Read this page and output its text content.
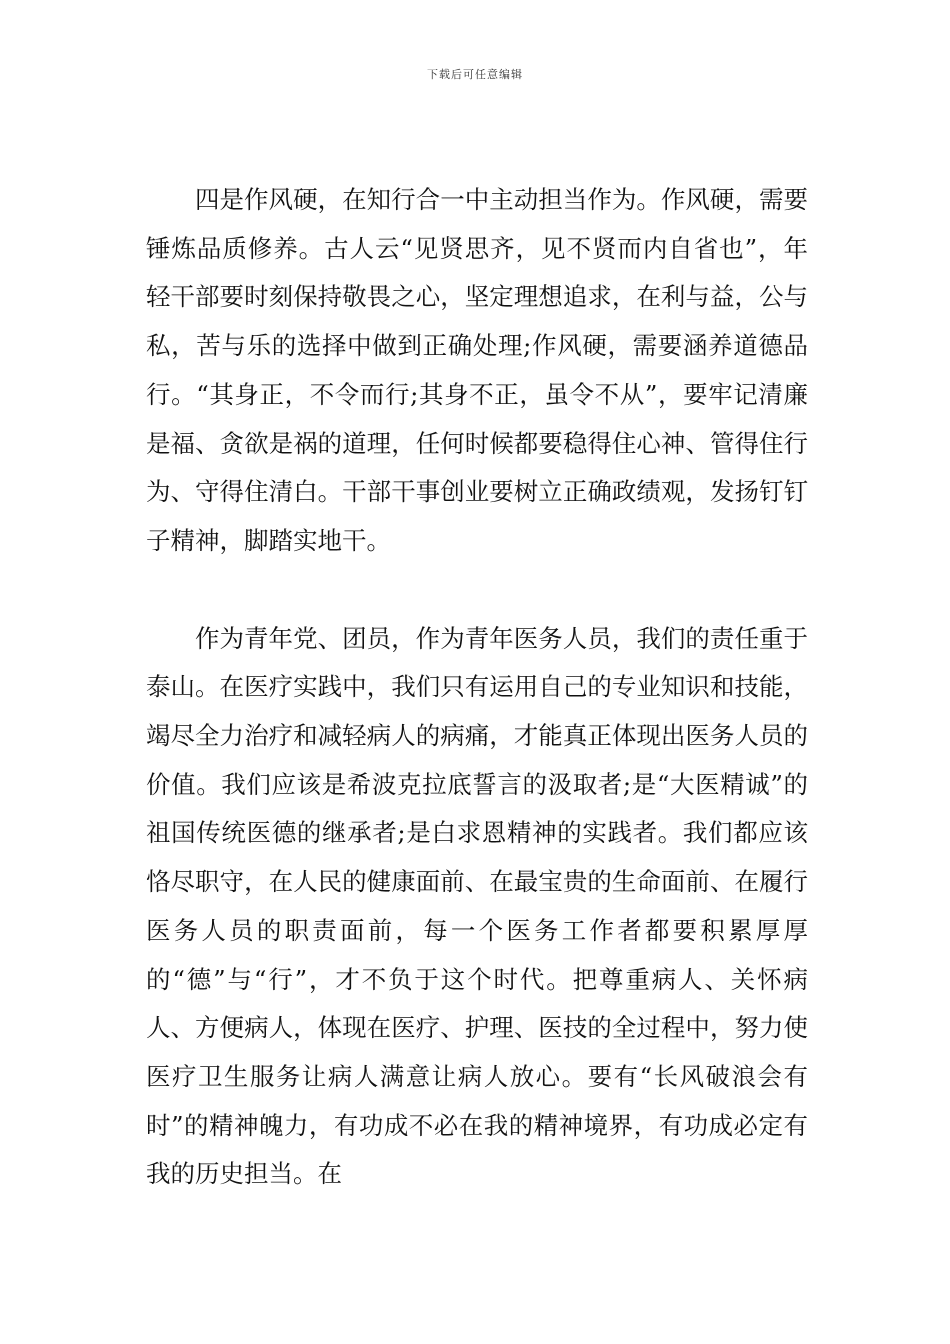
下载后可任意编辑

四是作风硬，在知行合一中主动担当作为。作风硬，需要锤炼品质修养。古人云“见贤思齐，见不贤而内自省也”，年轻干部要时刻保持敬畏之心，坚定理想追求，在利与益，公与私，苦与乐的选择中做到正确处理;作风硬，需要涵养道德品行。“其身正，不令而行;其身不正，虽令不从”，要牢记清廉是福、贪欲是祸的道理，任何时候都要稳得住心神、管得住行为、守得住清白。干部干事创业要树立正确政绩观，发扬钉钉子精神，脚踏实地干。

作为青年党、团员，作为青年医务人员，我们的责任重于泰山。在医疗实践中，我们只有运用自己的专业知识和技能，竭尽全力治疗和减轻病人的病痛，才能真正体现出医务人员的价值。我们应该是希波克拉底誓言的汲取者;是“大医精诚”的祖国传统医德的继承者;是白求恩精神的实践者。我们都应该恪尽职守，在人民的健康面前、在最宝贵的生命面前、在履行医务人员的职责面前，每一个医务工作者都要积累厚厚的“德”与“行”，才不负于这个时代。把尊重病人、关怀病人、方便病人，体现在医疗、护理、医技的全过程中，努力使医疗卫生服务让病人满意让病人放心。要有“长风破浪会有时”的精神魄力，有功成不必在我的精神境界，有功成必定有我的历史担当。在
